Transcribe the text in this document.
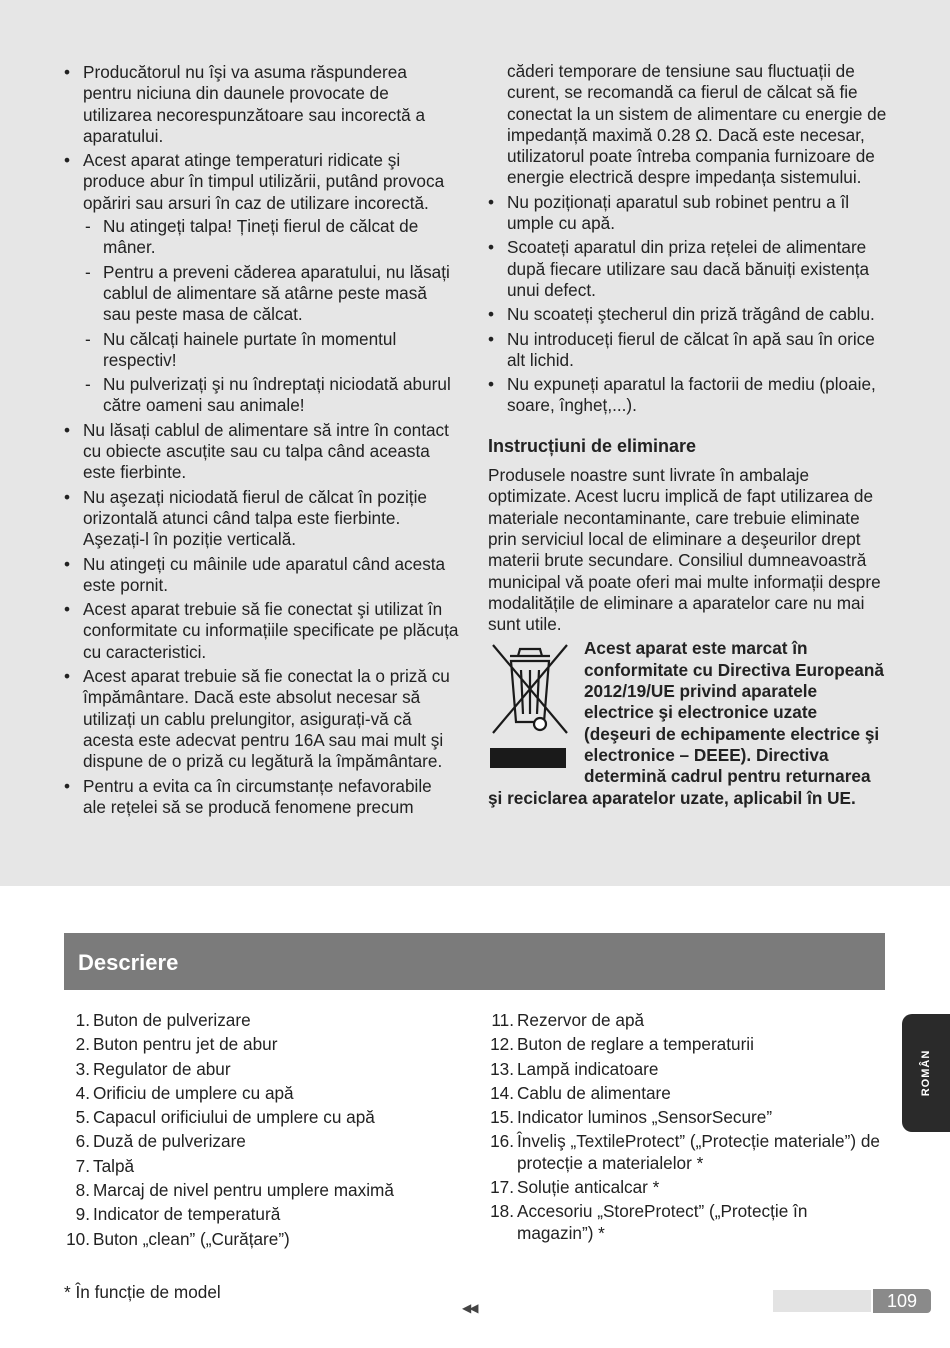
• Producătorul nu îşi va asuma răspunderea pentru niciuna din daunele provocate de utilizarea necorespunzătoare sau incorectă a aparatului.
• Acest aparat atinge temperaturi ridicate şi produce abur în timpul utilizării, putând provoca opăriri sau arsuri în caz de utilizare incorectă.
- Nu atingeți talpa! Țineți fierul de călcat de mâner.
- Pentru a preveni căderea aparatului, nu lăsați cablul de alimentare să atârne peste masă sau peste masa de călcat.
- Nu călcați hainele purtate în momentul respectiv!
- Nu pulverizați şi nu îndreptați niciodată aburul către oameni sau animale!
• Nu lăsați cablul de alimentare să intre în contact cu obiecte ascuțite sau cu talpa când aceasta este fierbinte.
• Nu aşezați niciodată fierul de călcat în poziție orizontală atunci când talpa este fierbinte. Aşezați-l în poziție verticală.
• Nu atingeți cu mâinile ude aparatul când acesta este pornit.
• Acest aparat trebuie să fie conectat şi utilizat în conformitate cu informațiile specificate pe plăcuța cu caracteristici.
• Acest aparat trebuie să fie conectat la o priză cu împământare. Dacă este absolut necesar să utilizați un cablu prelungitor, asigurați-vă că acesta este adecvat pentru 16A sau mai mult şi dispune de o priză cu legătură la împământare.
• Pentru a evita ca în circumstanțe nefavorabile ale rețelei să se producă fenomene precum
căderi temporare de tensiune sau fluctuații de curent, se recomandă ca fierul de călcat să fie conectat la un sistem de alimentare cu energie de impedanță maximă 0.28 Ω. Dacă este necesar, utilizatorul poate întreba compania furnizoare de energie electrică despre impedanța sistemului.
• Nu poziționați aparatul sub robinet pentru a îl umple cu apă.
• Scoateți aparatul din priza rețelei de alimentare după fiecare utilizare sau dacă bănuiți existența unui defect.
• Nu scoateți ştecherul din priză trăgând de cablu.
• Nu introduceți fierul de călcat în apă sau în orice alt lichid.
• Nu expuneți aparatul la factorii de mediu (ploaie, soare, îngheț,...).
Instrucțiuni de eliminare

Produsele noastre sunt livrate în ambalaje optimizate. Acest lucru implică de fapt utilizarea de materiale necontaminante, care trebuie eliminate prin serviciul local de eliminare a deşeurilor drept materii brute secundare. Consiliul dumneavoastră municipal vă poate oferi mai multe informații despre modalitățile de eliminare a aparatelor care nu mai sunt utile.

Acest aparat este marcat în conformitate cu Directiva Europeană 2012/19/UE privind aparatele electrice şi electronice uzate (deşeuri de echipamente electrice şi electronice – DEEE). Directiva determină cadrul pentru returnarea şi reciclarea aparatelor uzate, aplicabil în UE.
Descriere
1. Buton de pulverizare
2. Buton pentru jet de abur
3. Regulator de abur
4. Orificiu de umplere cu apă
5. Capacul orificiului de umplere cu apă
6. Duză de pulverizare
7. Talpă
8. Marcaj de nivel pentru umplere maximă
9. Indicator de temperatură
10. Buton „clean” („Curățare”)
11. Rezervor de apă
12. Buton de reglare a temperaturii
13. Lampă indicatoare
14. Cablu de alimentare
15. Indicator luminos „SensorSecure”
16. Înveliş „TextileProtect” („Protecție materiale”) de protecție a materialelor *
17. Soluție anticalcar *
18. Accesoriu „StoreProtect” („Protecție în magazin”) *
* În funcție de model
ROMÂN
◀◀	109
